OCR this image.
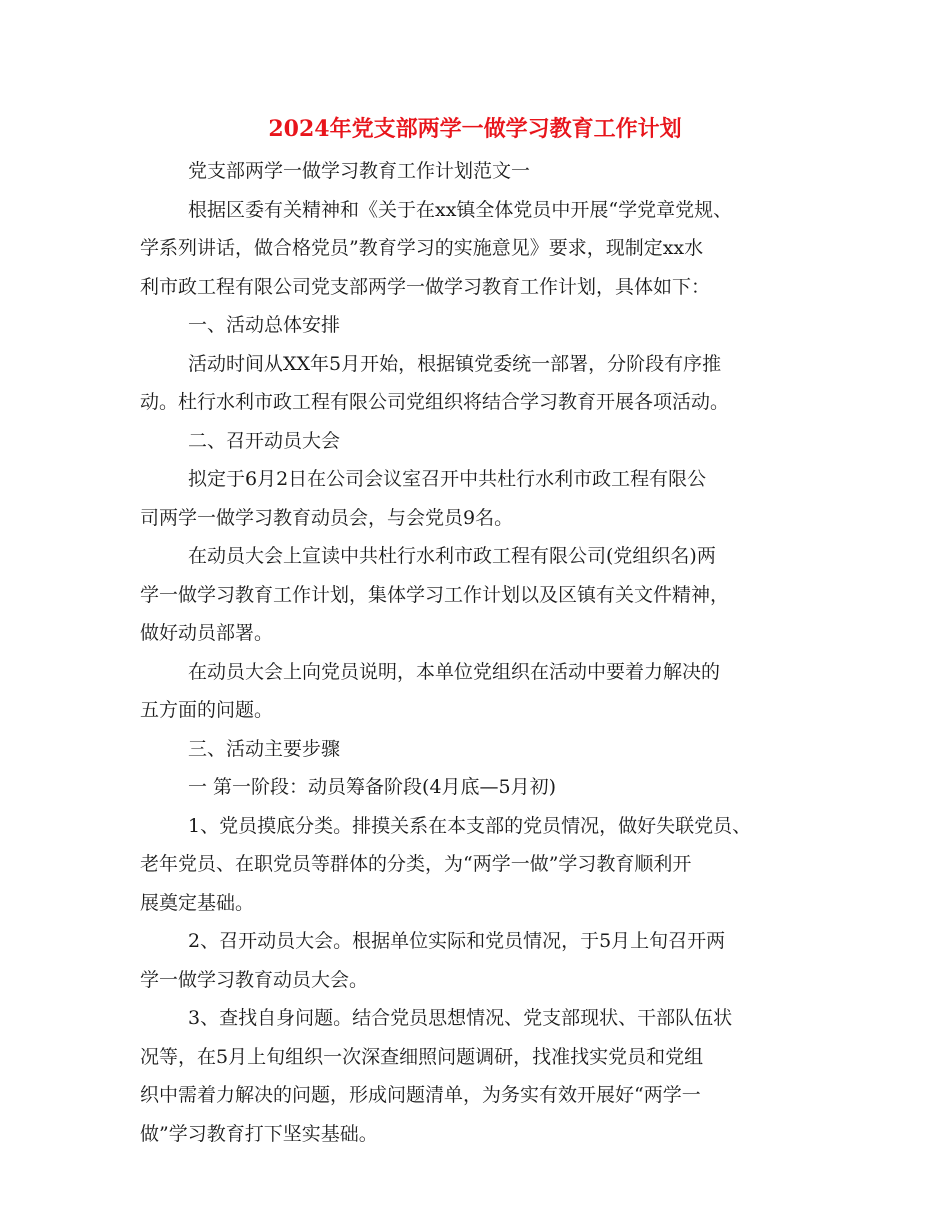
2024年党支部两学一做学习教育工作计划
党支部两学一做学习教育工作计划范文一
根据区委有关精神和《关于在xx镇全体党员中开展“学党章党规、
学系列讲话，做合格党员”教育学习的实施意见》要求，现制定xx水
利市政工程有限公司党支部两学一做学习教育工作计划，具体如下：
一、活动总体安排
活动时间从XX年5月开始，根据镇党委统一部署，分阶段有序推
动。杜行水利市政工程有限公司党组织将结合学习教育开展各项活动。
二、召开动员大会
拟定于6月2日在公司会议室召开中共杜行水利市政工程有限公
司两学一做学习教育动员会，与会党员9名。
在动员大会上宣读中共杜行水利市政工程有限公司(党组织名)两
学一做学习教育工作计划，集体学习工作计划以及区镇有关文件精神，
做好动员部署。
在动员大会上向党员说明，本单位党组织在活动中要着力解决的
五方面的问题。
三、活动主要步骤
一 第一阶段：动员筹备阶段(4月底—5月初)
1、党员摸底分类。排摸关系在本支部的党员情况，做好失联党员、
老年党员、在职党员等群体的分类，为“两学一做”学习教育顺利开
展奠定基础。
2、召开动员大会。根据单位实际和党员情况，于5月上旬召开两
学一做学习教育动员大会。
3、查找自身问题。结合党员思想情况、党支部现状、干部队伍状
况等，在5月上旬组织一次深查细照问题调研，找准找实党员和党组
织中需着力解决的问题，形成问题清单，为务实有效开展好“两学一
做”学习教育打下坚实基础。
